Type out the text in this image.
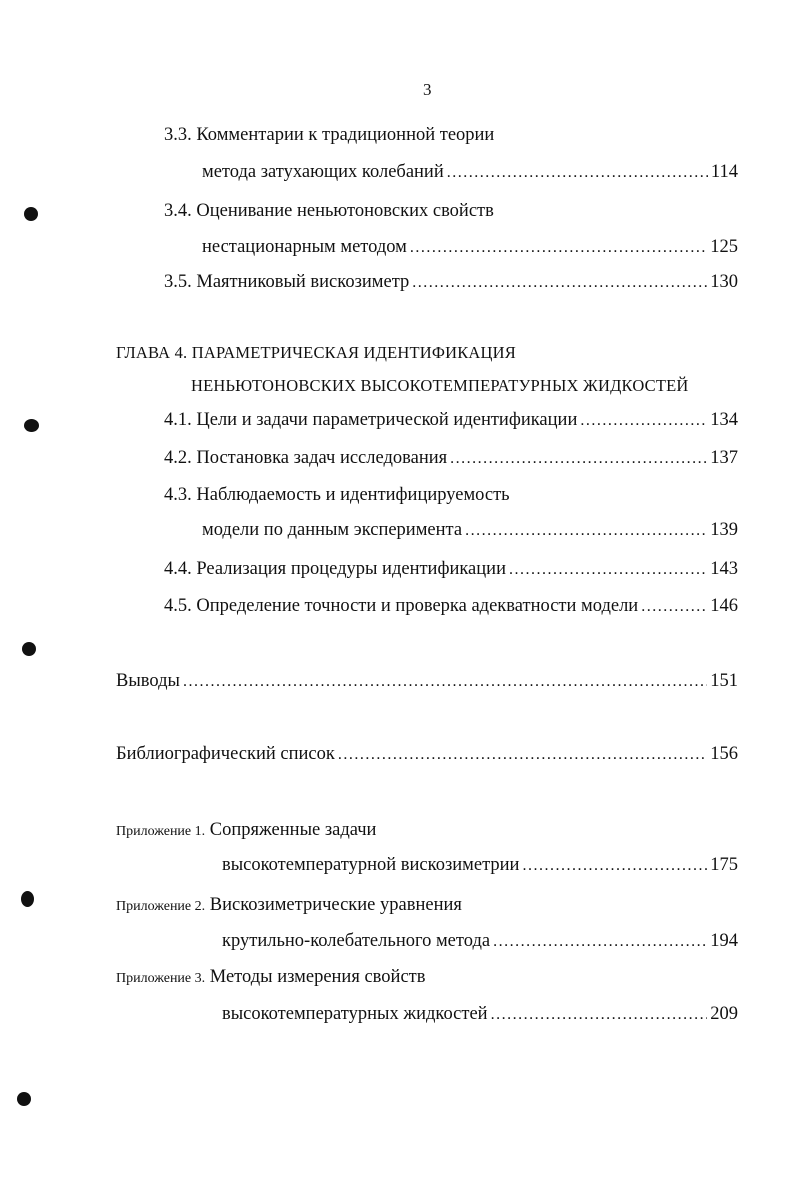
3
3.3. Комментарии к традиционной теории
метода затухающих колебаний .....	114
3.4. Оценивание неньютоновских свойств
нестационарным методом .....	125
3.5. Маятниковый вискозиметр .....	130
ГЛАВА 4. ПАРАМЕТРИЧЕСКАЯ ИДЕНТИФИКАЦИЯ
НЕНЬЮТОНОВСКИХ ВЫСОКОТЕМПЕРАТУРНЫХ ЖИДКОСТЕЙ
4.1. Цели и задачи параметрической идентификации .....	134
4.2. Постановка задач исследования .....	137
4.3. Наблюдаемость и идентифицируемость
модели по данным эксперимента .....	139
4.4. Реализация процедуры идентификации .....	143
4.5. Определение точности и проверка адекватности модели .....	146
Выводы .....	151
Библиографический список .....	156
Приложение 1. Сопряженные задачи
высокотемпературной вискозиметрии .....	175
Приложение 2. Вискозиметрические уравнения
крутильно-колебательного метода .....	194
Приложение 3. Методы измерения свойств
высокотемпературных жидкостей .....	209
